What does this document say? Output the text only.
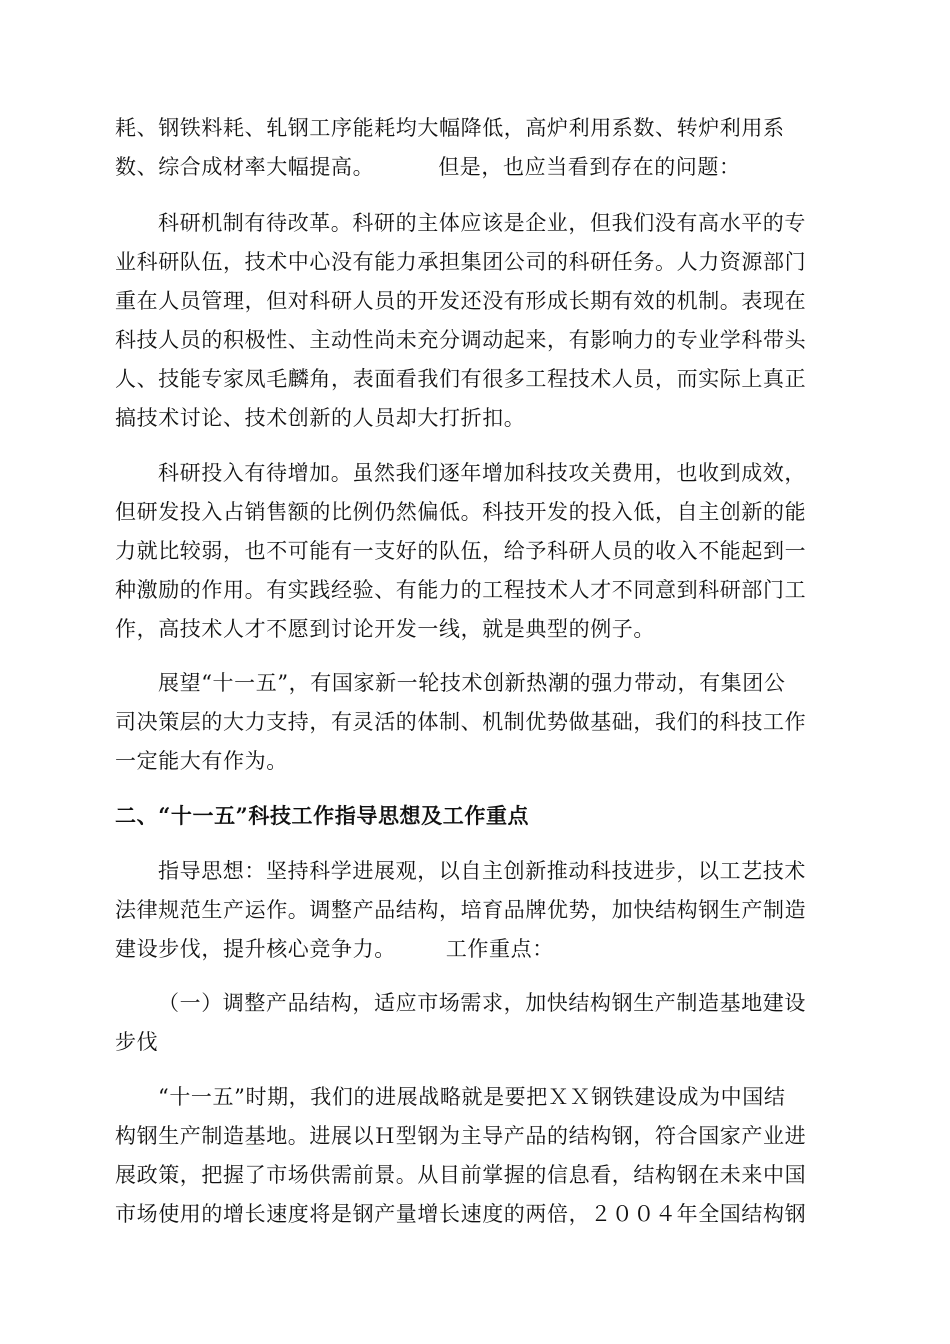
耗、钢铁料耗、轧钢工序能耗均大幅降低，高炉利用系数、转炉利用系
数、综合成材率大幅提高。	但是，也应当看到存在的问题：
科研机制有待改革。科研的主体应该是企业，但我们没有高水平的专
业科研队伍，技术中心没有能力承担集团公司的科研任务。人力资源部门
重在人员管理，但对科研人员的开发还没有形成长期有效的机制。表现在
科技人员的积极性、主动性尚未充分调动起来，有影响力的专业学科带头
人、技能专家凤毛麟角，表面看我们有很多工程技术人员，而实际上真正
搞技术讨论、技术创新的人员却大打折扣。
科研投入有待增加。虽然我们逐年增加科技攻关费用，也收到成效，
但研发投入占销售额的比例仍然偏低。科技开发的投入低，自主创新的能
力就比较弱，也不可能有一支好的队伍，给予科研人员的收入不能起到一
种激励的作用。有实践经验、有能力的工程技术人才不同意到科研部门工
作，高技术人才不愿到讨论开发一线，就是典型的例子。
展望“十一五”，有国家新一轮技术创新热潮的强力带动，有集团公
司决策层的大力支持，有灵活的体制、机制优势做基础，我们的科技工作
一定能大有作为。
二、“十一五”科技工作指导思想及工作重点
指导思想：坚持科学进展观，以自主创新推动科技进步，以工艺技术
法律规范生产运作。调整产品结构，培育品牌优势，加快结构钢生产制造
建设步伐，提升核心竞争力。 工作重点：
（一）调整产品结构，适应市场需求，加快结构钢生产制造基地建设
步伐
“十一五”时期，我们的进展战略就是要把ＸＸ钢铁建设成为中国结
构钢生产制造基地。进展以Ｈ型钢为主导产品的结构钢，符合国家产业进
展政策，把握了市场供需前景。从目前掌握的信息看，结构钢在未来中国
市场使用的增长速度将是钢产量增长速度的两倍，２００４年全国结构钢
